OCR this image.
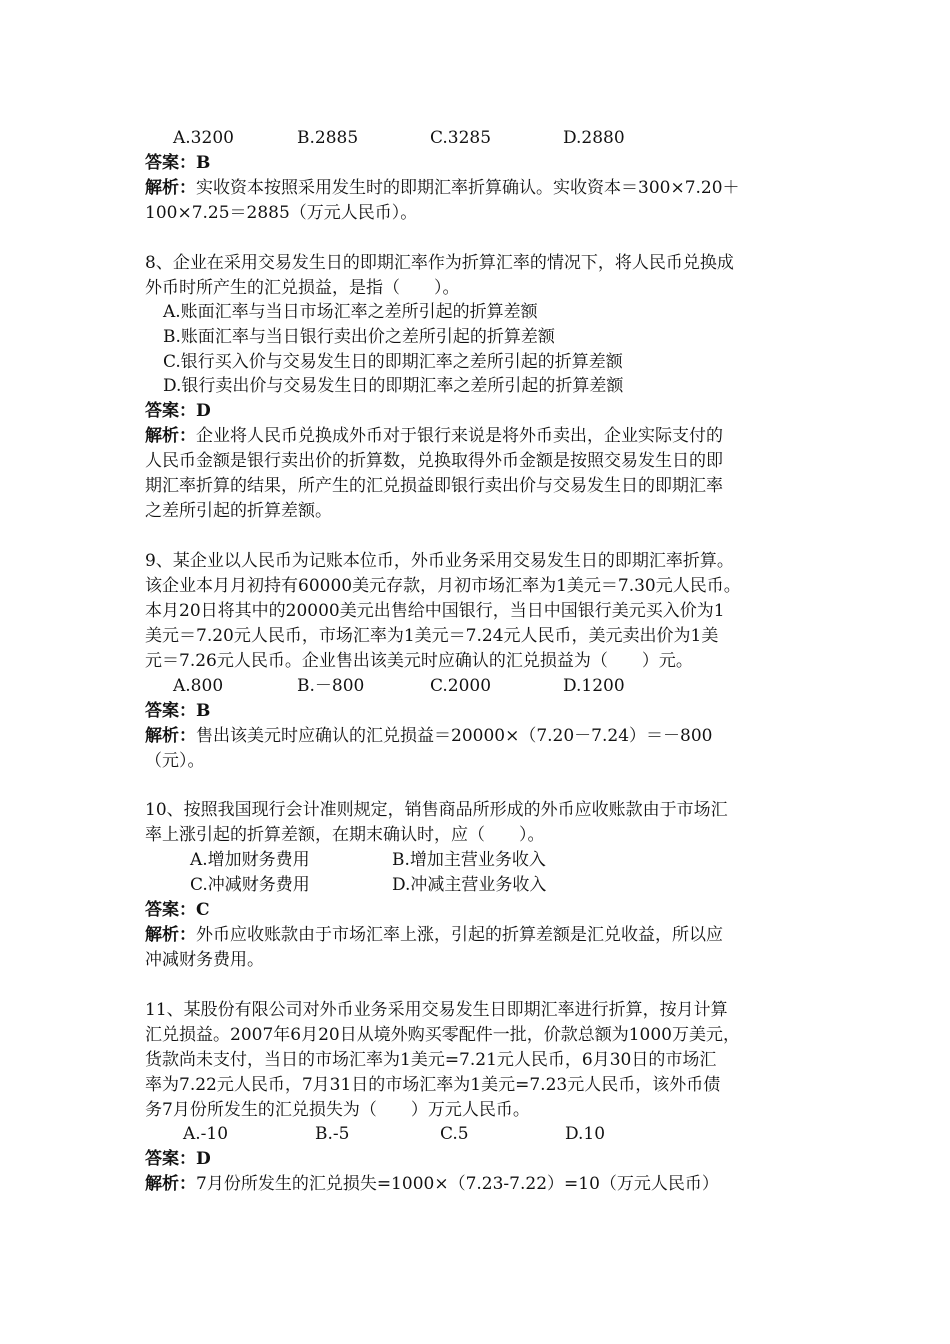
A.3200	B.2885	C.3285	D.2880
答案：B
解析：实收资本按照采用发生时的即期汇率折算确认。实收资本＝300×7.20＋
100×7.25＝2885（万元人民币）。
8、企业在采用交易发生日的即期汇率作为折算汇率的情况下，将人民币兑换成
外币时所产生的汇兑损益，是指（　　）。
A.账面汇率与当日市场汇率之差所引起的折算差额
B.账面汇率与当日银行卖出价之差所引起的折算差额
C.银行买入价与交易发生日的即期汇率之差所引起的折算差额
D.银行卖出价与交易发生日的即期汇率之差所引起的折算差额
答案：D
解析：企业将人民币兑换成外币对于银行来说是将外币卖出，企业实际支付的
人民币金额是银行卖出价的折算数，兑换取得外币金额是按照交易发生日的即
期汇率折算的结果，所产生的汇兑损益即银行卖出价与交易发生日的即期汇率
之差所引起的折算差额。
9、某企业以人民币为记账本位币，外币业务采用交易发生日的即期汇率折算。
该企业本月月初持有60000美元存款，月初市场汇率为1美元＝7.30元人民币。
本月20日将其中的20000美元出售给中国银行，当日中国银行美元买入价为1
美元＝7.20元人民币，市场汇率为1美元＝7.24元人民币，美元卖出价为1美
元＝7.26元人民币。企业售出该美元时应确认的汇兑损益为（　　）元。
A.800	B.－800	C.2000	D.1200
答案：B
解析：售出该美元时应确认的汇兑损益＝20000×（7.20－7.24）＝－800
（元）。
10、按照我国现行会计准则规定，销售商品所形成的外币应收账款由于市场汇
率上涨引起的折算差额，在期末确认时，应（　　）。
A.增加财务费用	B.增加主营业务收入
C.冲减财务费用	D.冲减主营业务收入
答案：C
解析：外币应收账款由于市场汇率上涨，引起的折算差额是汇兑收益，所以应
冲减财务费用。
11、某股份有限公司对外币业务采用交易发生日即期汇率进行折算，按月计算
汇兑损益。2007年6月20日从境外购买零配件一批，价款总额为1000万美元，
货款尚未支付，当日的市场汇率为1美元=7.21元人民币，6月30日的市场汇
率为7.22元人民币，7月31日的市场汇率为1美元=7.23元人民币，该外币债
务7月份所发生的汇兑损失为（　　）万元人民币。
A.-10	B.-5	C.5	D.10
答案：D
解析：7月份所发生的汇兑损失=1000×（7.23-7.22）=10（万元人民币）
